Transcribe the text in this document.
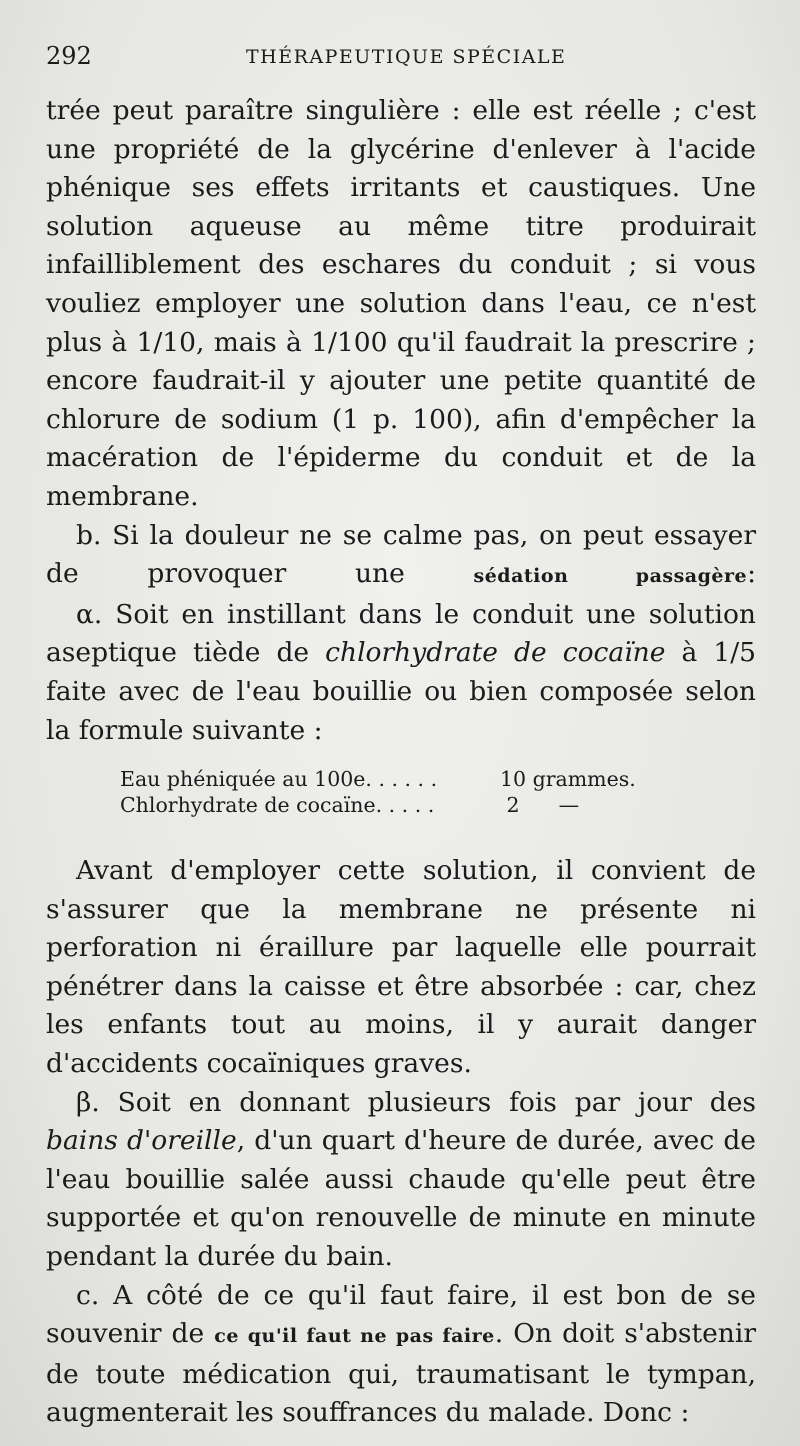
292	THÉRAPEUTIQUE SPÉCIALE

trée peut paraître singulière : elle est réelle ; c'est une propriété de la glycérine d'enlever à l'acide phénique ses effets irritants et caustiques. Une solution aqueuse au même titre produirait infailliblement des eschares du conduit ; si vous vouliez employer une solution dans l'eau, ce n'est plus à 1/10, mais à 1/100 qu'il faudrait la prescrire ; encore faudrait-il y ajouter une petite quantité de chlorure de sodium (1 p. 100), afin d'empêcher la macération de l'épiderme du conduit et de la membrane.

b. Si la douleur ne se calme pas, on peut essayer de provoquer une sédation passagère:

α. Soit en instillant dans le conduit une solution aseptique tiède de chlorhydrate de cocaïne à 1/5 faite avec de l'eau bouillie ou bien composée selon la formule suivante :

Eau phéniquée au 100e. . . . . .	10 grammes.
Chlorhydrate de cocaïne. . . . .	2      —

Avant d'employer cette solution, il convient de s'assurer que la membrane ne présente ni perforation ni éraillure par laquelle elle pourrait pénétrer dans la caisse et être absorbée : car, chez les enfants tout au moins, il y aurait danger d'accidents cocaïniques graves.

β. Soit en donnant plusieurs fois par jour des bains d'oreille, d'un quart d'heure de durée, avec de l'eau bouillie salée aussi chaude qu'elle peut être supportée et qu'on renouvelle de minute en minute pendant la durée du bain.

c. A côté de ce qu'il faut faire, il est bon de se souvenir de ce qu'il faut ne pas faire. On doit s'abstenir de toute médication qui, traumatisant le tympan, augmenterait les souffrances du malade. Donc :
